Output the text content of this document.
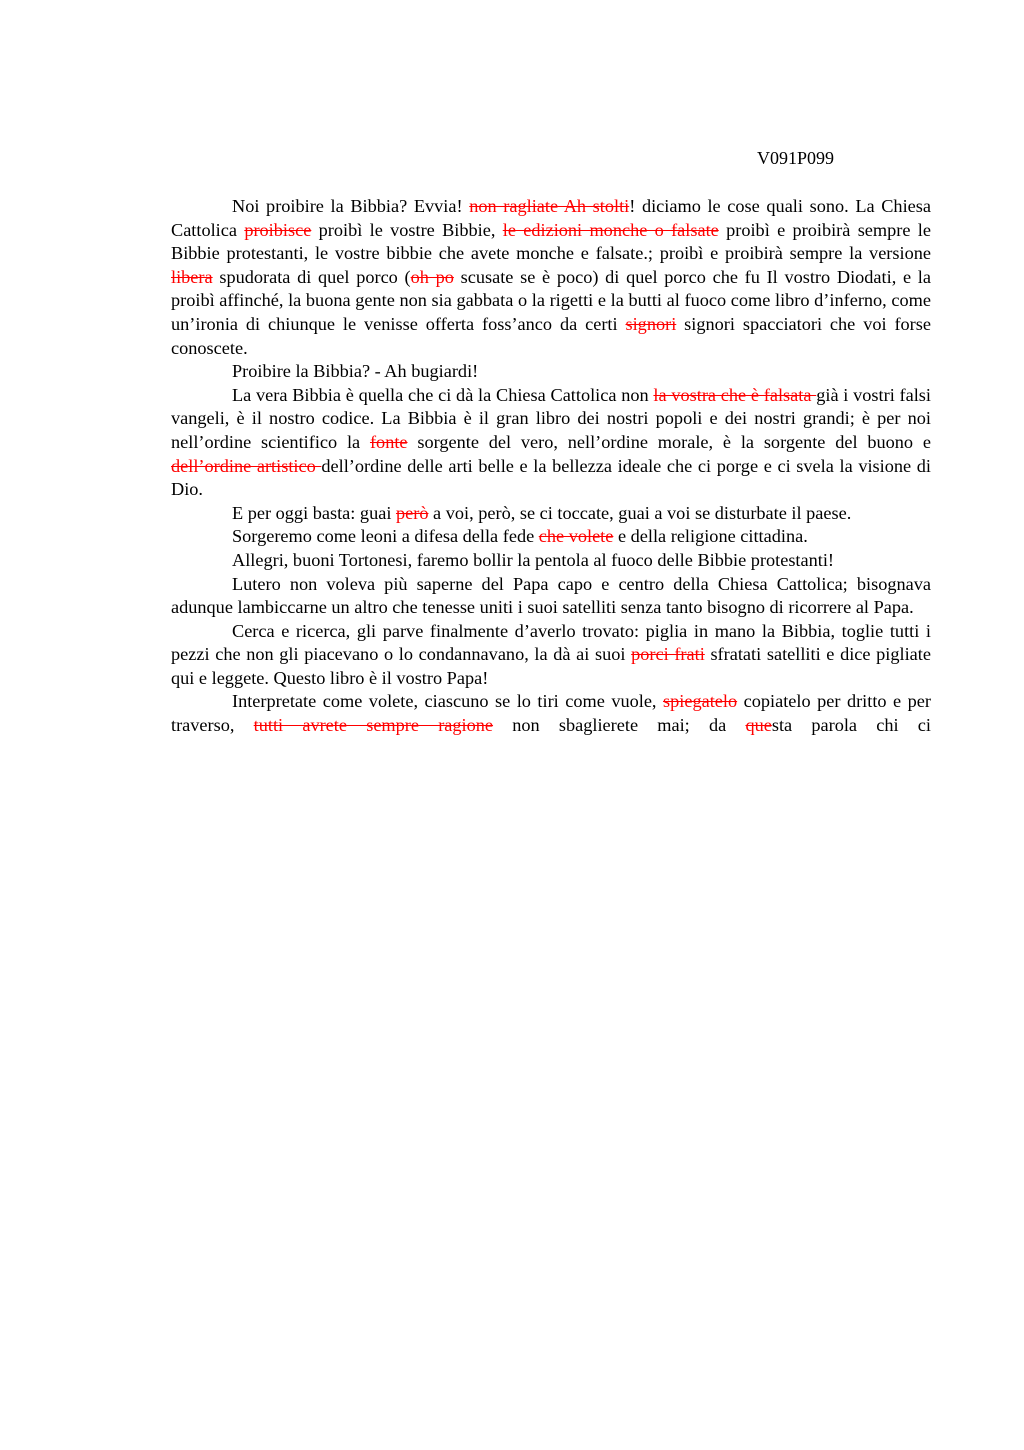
V091P099

Noi proibire la Bibbia? Evvia! non ragliate Ah stolti! diciamo le cose quali sono. La Chiesa Cattolica proibisce proibì le vostre Bibbie, le edizioni monche o falsate proibì e proibirà sempre le Bibbie protestanti, le vostre bibbie che avete monche e falsate.; proibì e proibirà sempre la versione libera spudorata di quel porco (oh po scusate se è poco) di quel porco che fu Il vostro Diodati, e la proibì affinché, la buona gente non sia gabbata o la rigetti e la butti al fuoco come libro d’inferno, come un’ironia di chiunque le venisse offerta foss’anco da certi signori signori spacciatori che voi forse conoscete.

Proibire la Bibbia? - Ah bugiardi!

La vera Bibbia è quella che ci dà la Chiesa Cattolica non la vostra che è falsata già i vostri falsi vangeli, è il nostro codice. La Bibbia è il gran libro dei nostri popoli e dei nostri grandi; è per noi nell’ordine scientifico la fonte sorgente del vero, nell’ordine morale, è la sorgente del buono e dell’ordine artistico dell’ordine delle arti belle e la bellezza ideale che ci porge e ci svela la visione di Dio.

E per oggi basta: guai però a voi, però, se ci toccate, guai a voi se disturbate il paese.

Sorgeremo come leoni a difesa della fede che volete e della religione cittadina.

Allegri, buoni Tortonesi, faremo bollir la pentola al fuoco delle Bibbie protestanti!

Lutero non voleva più saperne del Papa capo e centro della Chiesa Cattolica; bisognava adunque lambiccarne un altro che tenesse uniti i suoi satelliti senza tanto bisogno di ricorrere al Papa.

Cerca e ricerca, gli parve finalmente d’averlo trovato: piglia in mano la Bibbia, toglie tutti i pezzi che non gli piacevano o lo condannavano, la dà ai suoi porci frati sfratati satelliti e dice pigliate qui e leggete. Questo libro è il vostro Papa!

Interpretate come volete, ciascuno se lo tiri come vuole, spiegatelo copiatelo per dritto e per traverso, tutti avrete sempre ragione non sbaglierete mai; da questa parola chi ci
